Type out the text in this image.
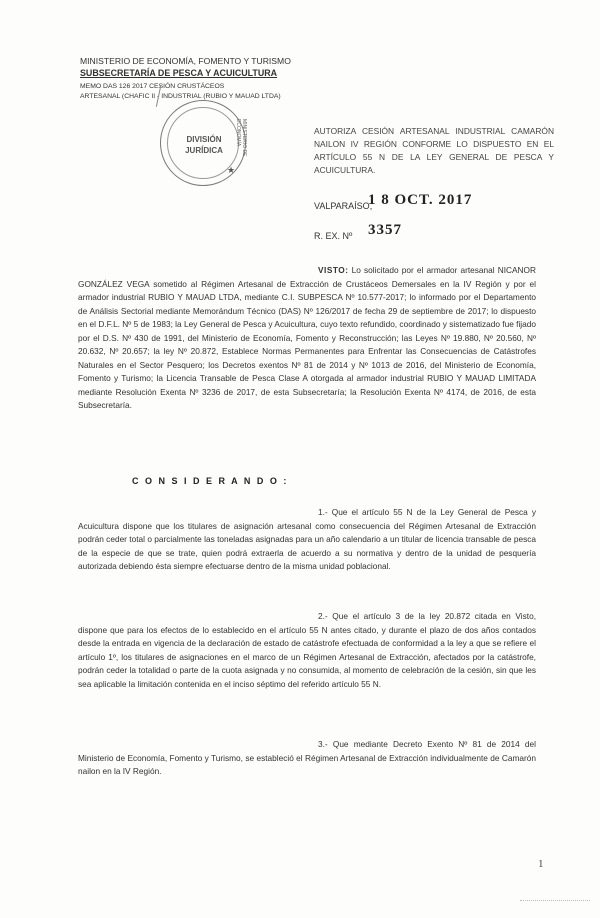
MINISTERIO DE ECONOMÍA, FOMENTO Y TURISMO
SUBSECRETARÍA DE PESCA Y ACUICULTURA
MEMO DAS 126 2017 CESIÓN CRUSTÁCEOS
ARTESANAL (CHAFIC II - INDUSTRIAL (RUBIO Y MAUAD LTDA)
DIVISIÓN
JURÍDICA	MINISTERIO DE ECONOMÍA
★
AUTORIZA CESIÓN ARTESANAL INDUSTRIAL CAMARÓN NAILON IV REGIÓN CONFORME LO DISPUESTO EN EL ARTÍCULO 55 N DE LA LEY GENERAL DE PESCA Y ACUICULTURA.
VALPARAÍSO,
1 8 OCT. 2017
R. EX. Nº 3357
VISTO: Lo solicitado por el armador artesanal NICANOR GONZÁLEZ VEGA sometido al Régimen Artesanal de Extracción de Crustáceos Demersales en la IV Región y por el armador industrial RUBIO Y MAUAD LTDA, mediante C.I. SUBPESCA Nº 10.577-2017; lo informado por el Departamento de Análisis Sectorial mediante Memorándum Técnico (DAS) Nº 126/2017 de fecha 29 de septiembre de 2017; lo dispuesto en el D.F.L. Nº 5 de 1983; la Ley General de Pesca y Acuicultura, cuyo texto refundido, coordinado y sistematizado fue fijado por el D.S. Nº 430 de 1991, del Ministerio de Economía, Fomento y Reconstrucción; las Leyes Nº 19.880, Nº 20.560, Nº 20.632, Nº 20.657; la ley Nº 20.872, Establece Normas Permanentes para Enfrentar las Consecuencias de Catástrofes Naturales en el Sector Pesquero; los Decretos exentos Nº 81 de 2014 y Nº 1013 de 2016, del Ministerio de Economía, Fomento y Turismo; la Licencia Transable de Pesca Clase A otorgada al armador industrial RUBIO Y MAUAD LIMITADA mediante Resolución Exenta Nº 3236 de 2017, de esta Subsecretaría; la Resolución Exenta Nº 4174, de 2016, de esta Subsecretaría.
C O N S I D E R A N D O :
1.- Que el artículo 55 N de la Ley General de Pesca y Acuicultura dispone que los titulares de asignación artesanal como consecuencia del Régimen Artesanal de Extracción podrán ceder total o parcialmente las toneladas asignadas para un año calendario a un titular de licencia transable de pesca de la especie de que se trate, quien podrá extraerla de acuerdo a su normativa y dentro de la unidad de pesquería autorizada debiendo ésta siempre efectuarse dentro de la misma unidad poblacional.
2.- Que el artículo 3 de la ley 20.872 citada en Visto, dispone que para los efectos de lo establecido en el artículo 55 N antes citado, y durante el plazo de dos años contados desde la entrada en vigencia de la declaración de estado de catástrofe efectuada de conformidad a la ley a que se refiere el artículo 1º, los titulares de asignaciones en el marco de un Régimen Artesanal de Extracción, afectados por la catástrofe, podrán ceder la totalidad o parte de la cuota asignada y no consumida, al momento de celebración de la cesión, sin que les sea aplicable la limitación contenida en el inciso séptimo del referido artículo 55 N.
3.- Que mediante Decreto Exento Nº 81 de 2014 del Ministerio de Economía, Fomento y Turismo, se estableció el Régimen Artesanal de Extracción individualmente de Camarón nailon en la IV Región.
1
